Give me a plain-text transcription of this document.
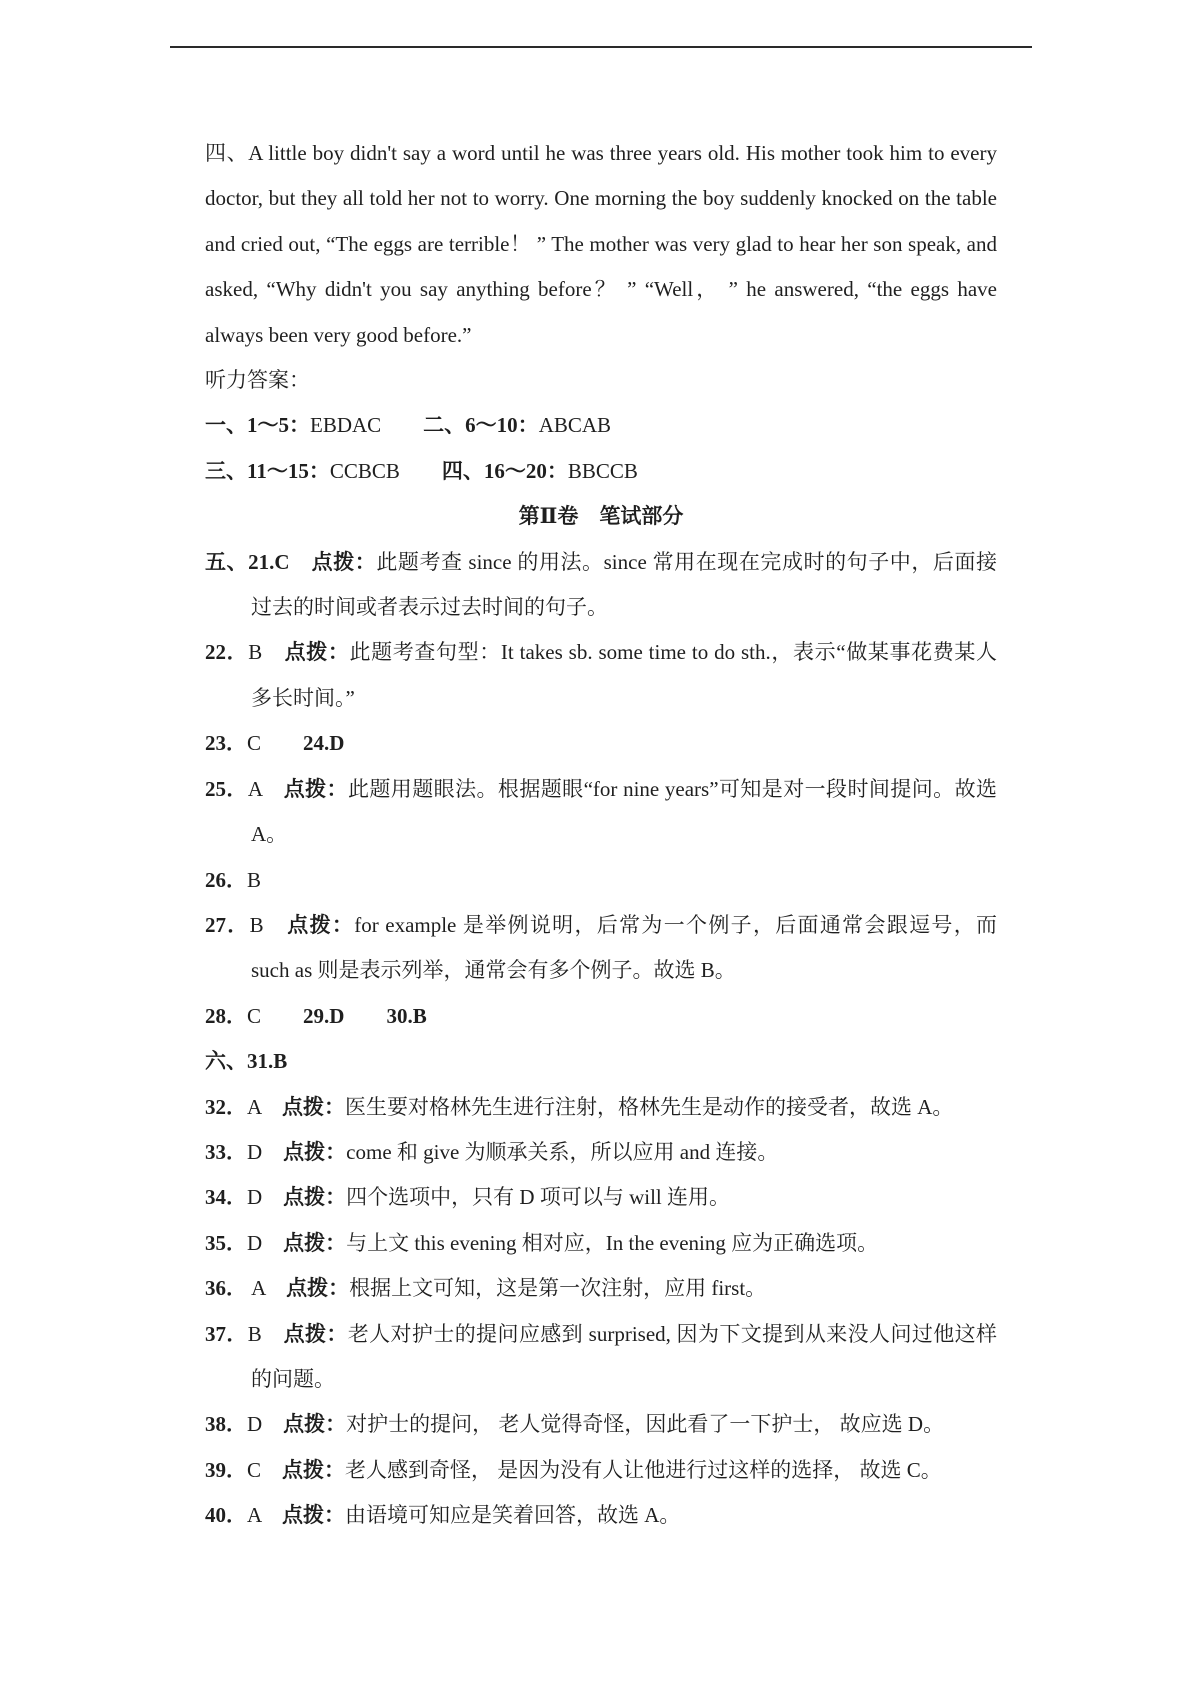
四、A little boy didn't say a word until he was three years old. His mother took him to every doctor, but they all told her not to worry. One morning the boy suddenly knocked on the table and cried out, “The eggs are terrible！ ” The mother was very glad to hear her son speak, and asked, “Why didn't you say anything before？ ” “Well， ” he answered, “the eggs have always been very good before.”
听力答案：
一、1～5：EBDAC　　二、6～10：ABCAB
三、11～15：CCBCB　　四、16～20：BBCCB
第Ⅱ卷　笔试部分
五、21.C　 点拨：此题考查 since 的用法。since 常用在现在完成时的句子中，后面接过去的时间或者表示过去时间的句子。
22．B　 点拨：此题考查句型：It takes sb. some time to do sth.，表示“做某事花费某人多长时间。”
23．C　　 24.D
25．A　 点拨：此题用题眼法。根据题眼“for nine years”可知是对一段时间提问。故选 A。
26．B
27．B　 点拨：for example 是举例说明，后常为一个例子，后面通常会跟逗号，而 such as 则是表示列举，通常会有多个例子。故选 B。
28．C　　 29.D　　 30.B
六、31.B
32．A　 点拨：医生要对格林先生进行注射，格林先生是动作的接受者，故选 A。
33．D　 点拨：come 和 give 为顺承关系，所以应用 and 连接。
34．D　 点拨：四个选项中，只有 D 项可以与 will 连用。
35．D　 点拨：与上文 this evening 相对应，In the evening 应为正确选项。
36． A　 点拨：根据上文可知，这是第一次注射，应用 first。
37．B　 点拨：老人对护士的提问应感到 surprised, 因为下文提到从来没人问过他这样的问题。
38．D　 点拨：对护士的提问， 老人觉得奇怪，因此看了一下护士， 故应选 D。
39．C　 点拨：老人感到奇怪， 是因为没有人让他进行过这样的选择， 故选 C。
40．A　 点拨：由语境可知应是笑着回答，故选 A。
